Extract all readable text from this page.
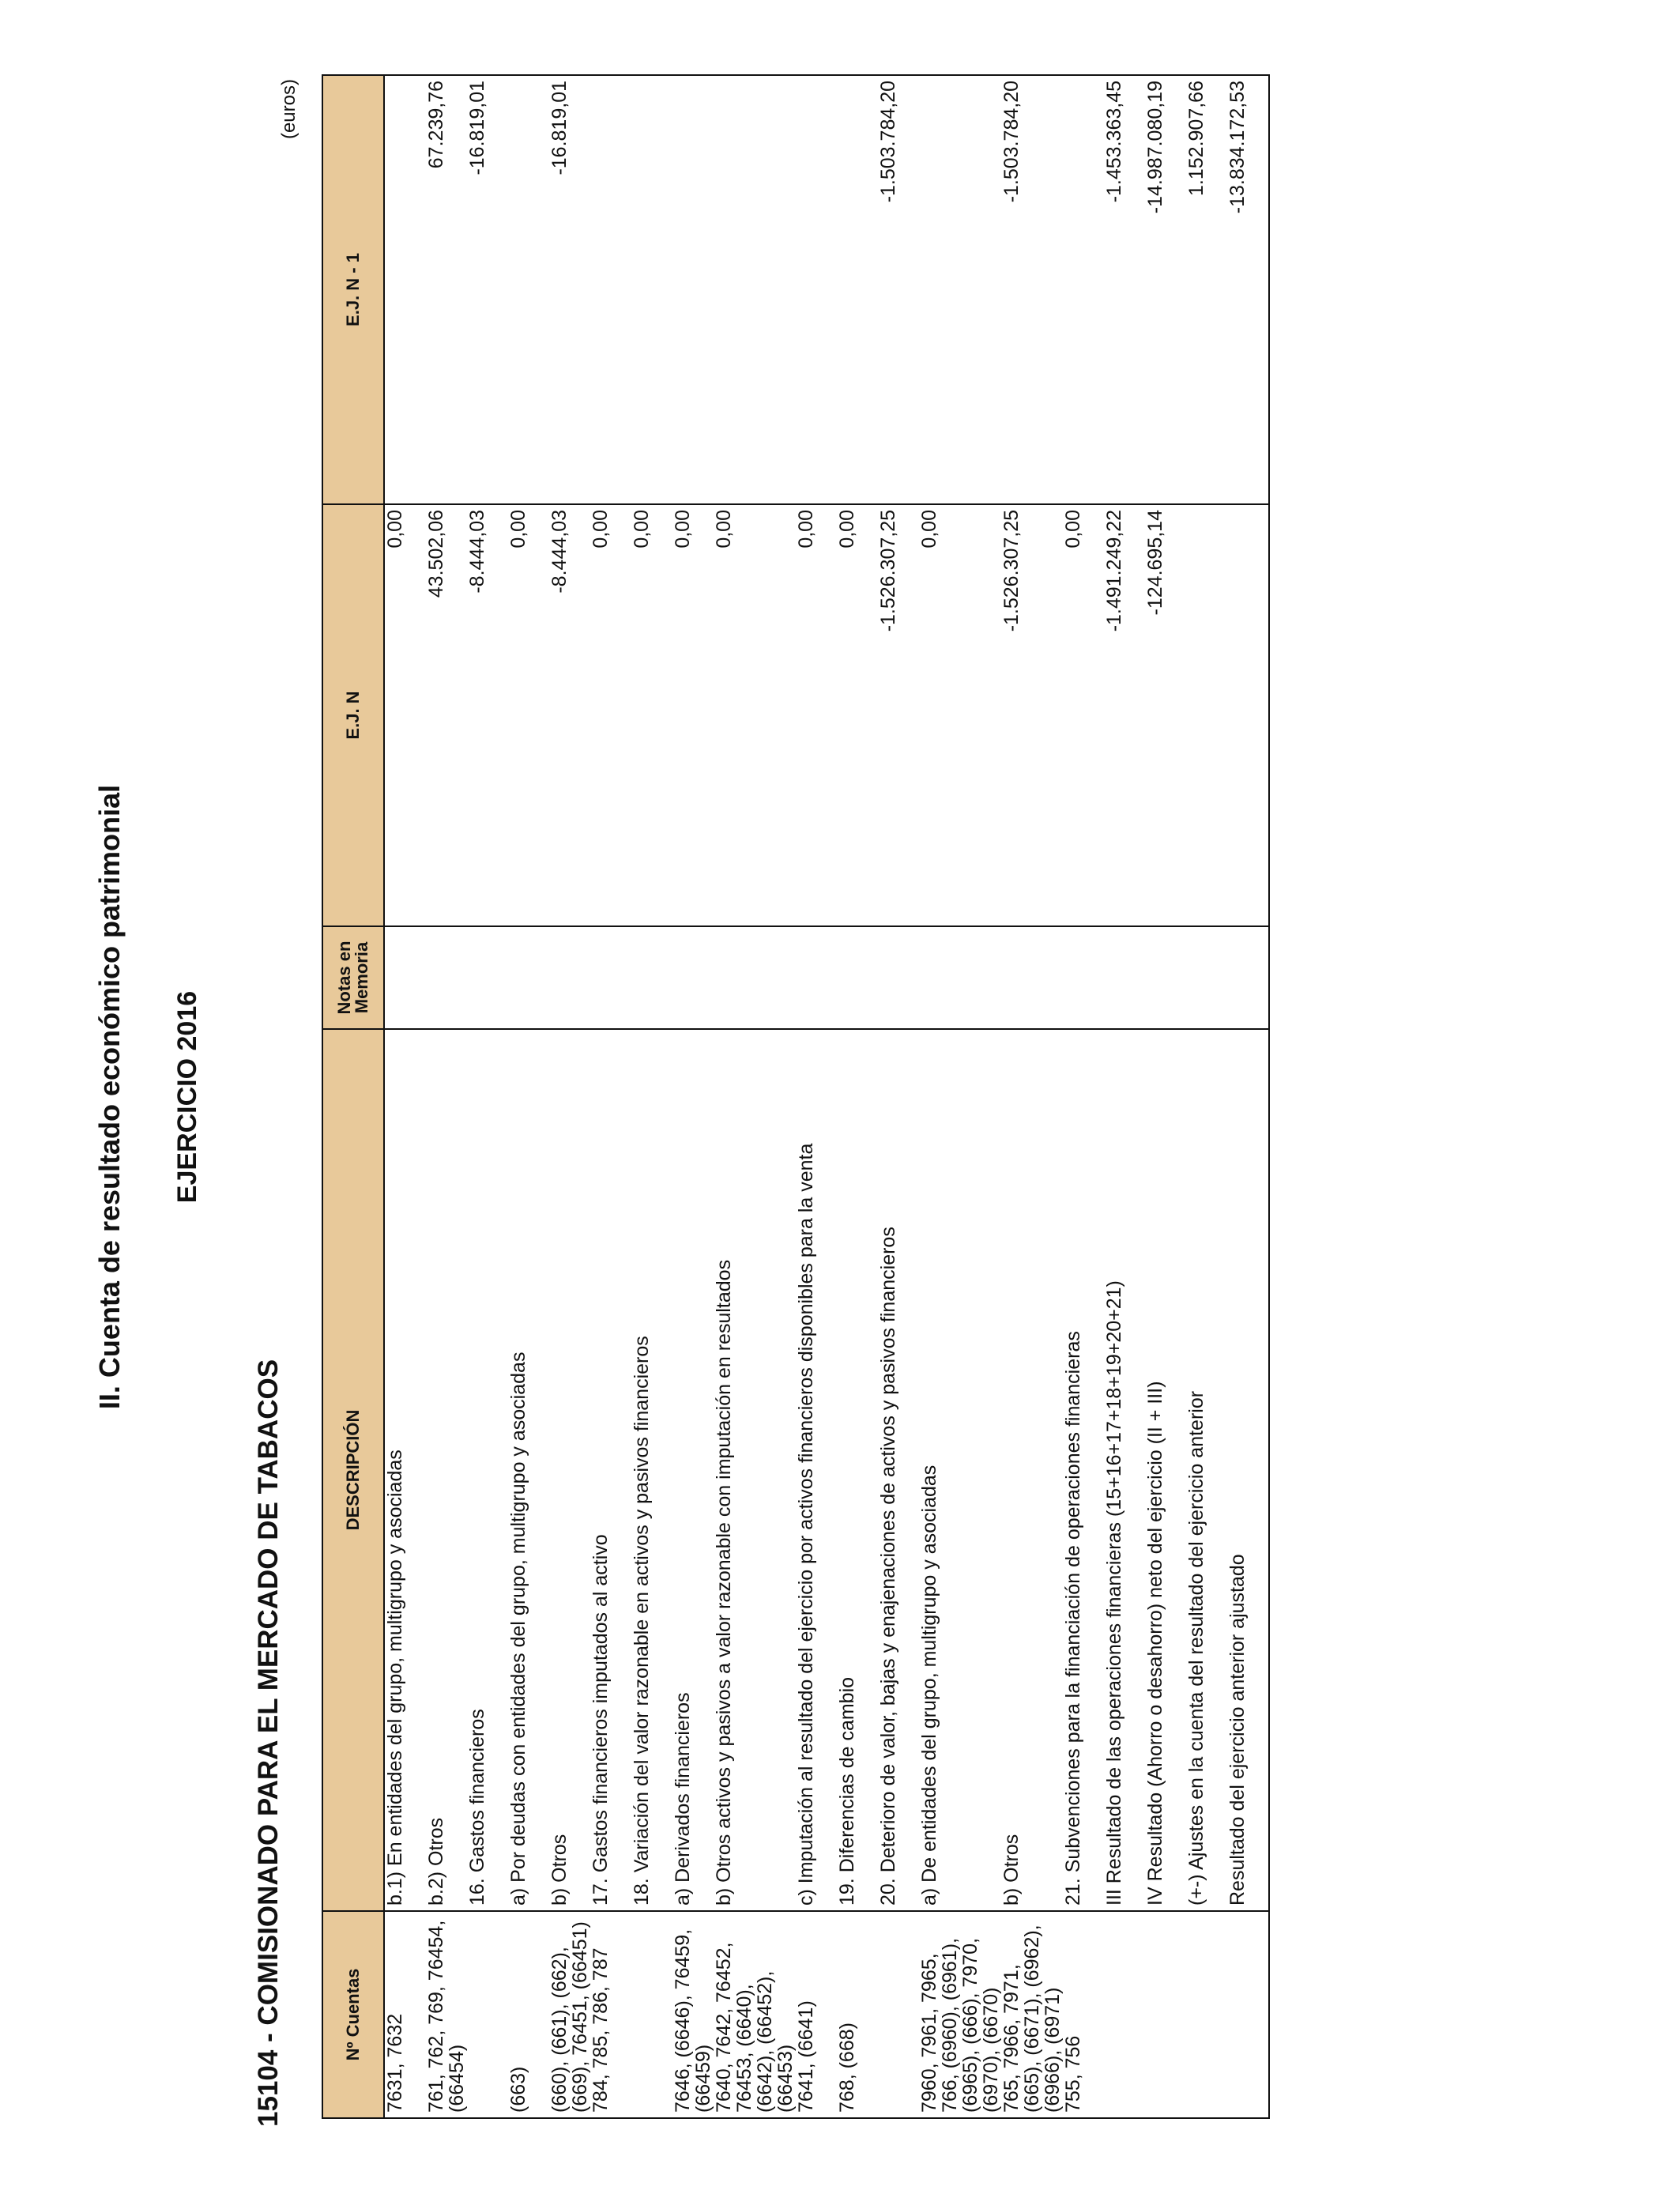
II. Cuenta de resultado económico patrimonial EJERCICIO 2016
15104 - COMISIONADO PARA EL MERCADO DE TABACOS
(euros)
Nº Cuentas	DESCRIPCIÓN	Notas en Memoria	E.J. N	E.J. N - 1
7631, 7632	b.1) En entidades del grupo, multigrupo y asociadas		0,00	
761, 762, 769, 76454, (66454)	b.2) Otros		43.502,06	67.239,76
	16. Gastos financieros		-8.444,03	-16.819,01
(663)	a) Por deudas con entidades del grupo, multigrupo y asociadas		0,00	
(660), (661), (662), (669), 76451, (66451)	b) Otros		-8.444,03	-16.819,01
784, 785, 786, 787	17. Gastos financieros imputados al activo		0,00	
	18. Variación del valor razonable en activos y pasivos financieros		0,00	
7646, (6646), 76459, (66459)	a) Derivados financieros		0,00	
7640, 7642, 76452, 76453, (6640), (6642), (66452), (66453)	b) Otros activos y pasivos a valor razonable con imputación en resultados		0,00	
7641, (6641)	c) Imputación al resultado del ejercicio por activos financieros disponibles para la venta		0,00	
768, (668)	19. Diferencias de cambio		0,00	
	20. Deterioro de valor, bajas y enajenaciones de activos y pasivos financieros		-1.526.307,25	-1.503.784,20
7960, 7961, 7965, 766, (6960), (6961), (6965), (666), 7970, (6970), (6670)	a) De entidades del grupo, multigrupo y asociadas		0,00	
765, 7966, 7971, (665), (6671), (6962), (6966), (6971)	b) Otros		-1.526.307,25	-1.503.784,20
755, 756	21. Subvenciones para la financiación de operaciones financieras		0,00	
	III Resultado de las operaciones financieras (15+16+17+18+19+20+21)		-1.491.249,22	-1.453.363,45
	IV Resultado (Ahorro o desahorro) neto del ejercicio (II + III)		-124.695,14	-14.987.080,19
	(+-) Ajustes en la cuenta del resultado del ejercicio anterior			1.152.907,66
	Resultado del ejercicio anterior ajustado			-13.834.172,53
